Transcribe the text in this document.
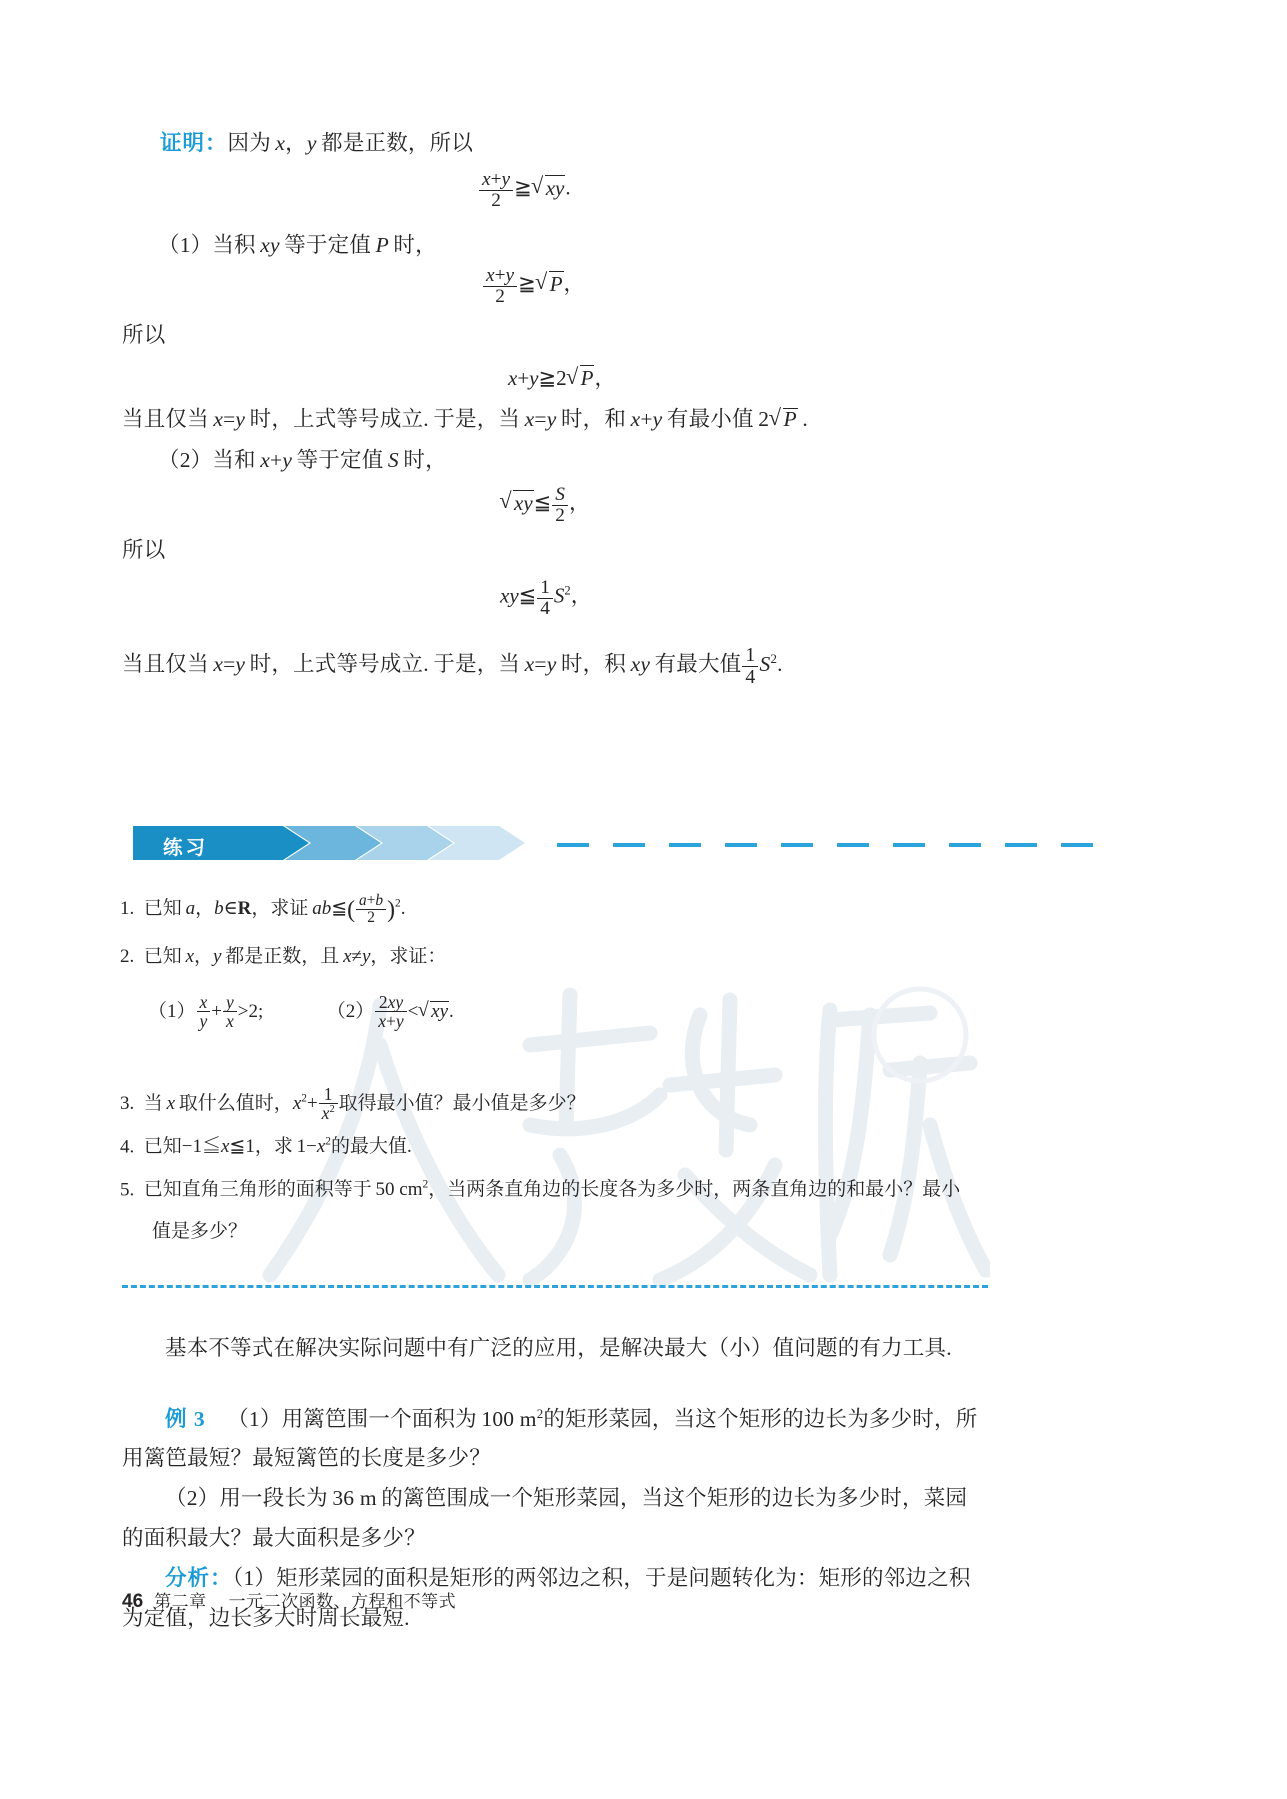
证明：因为 x，y 都是正数，所以
$\frac{x+y}{2}$ ≧ √ xy.
（1）当积 xy 等于定值 P 时，
$\frac{x+y}{2}$ ≧ √ P，
所以
x+y≧2 √ P，
当且仅当 x=y 时，上式等号成立. 于是，当 x=y 时，和 x+y 有最小值 2 √ P .
（2）当和 x+y 等于定值 S 时，
√ xy≦ $\frac{S}{2}$ ，
所以
xy≦ $\frac{1}{4} S^2$，
当且仅当 x=y 时，上式等号成立. 于是，当 x=y 时，积 xy 有最大值 $\frac{1}{4} S^2$.
练习
1.  已知 a，b∈R，求证 ab≦( $\frac{a+b}{2} )^2$.
2.  已知 x，y 都是正数，且 x≠y，求证：
$(1) \frac{x}{y} + \frac{y}{x} >2$;	$(2) \frac{2xy}{x+y}$ < √ xy.
3.  当 x 取什么值时，$x^2+ \frac{1}{x^2}$ 取得最小值？最小值是多少？
4.  已知−1≦x≦1，求 $1-x^2$的最大值.
5.  已知直角三角形的面积等于 50 $cm^2$，当两条直角边的长度各为多少时，两条直角边的和最小？最小
值是多少？
基本不等式在解决实际问题中有广泛的应用，是解决最大（小）值问题的有力工具.
例 3 （1）用篱笆围一个面积为 100 $m^2$的矩形菜园，当这个矩形的边长为多少时，所
用篱笆最短？最短篱笆的长度是多少？
（2）用一段长为 36 m 的篱笆围成一个矩形菜园，当这个矩形的边长为多少时，菜园
的面积最大？最大面积是多少？
分析：（1）矩形菜园的面积是矩形的两邻边之积，于是问题转化为：矩形的邻边之积
为定值，边长多大时周长最短.
46 第二章 一元二次函数、方程和不等式
